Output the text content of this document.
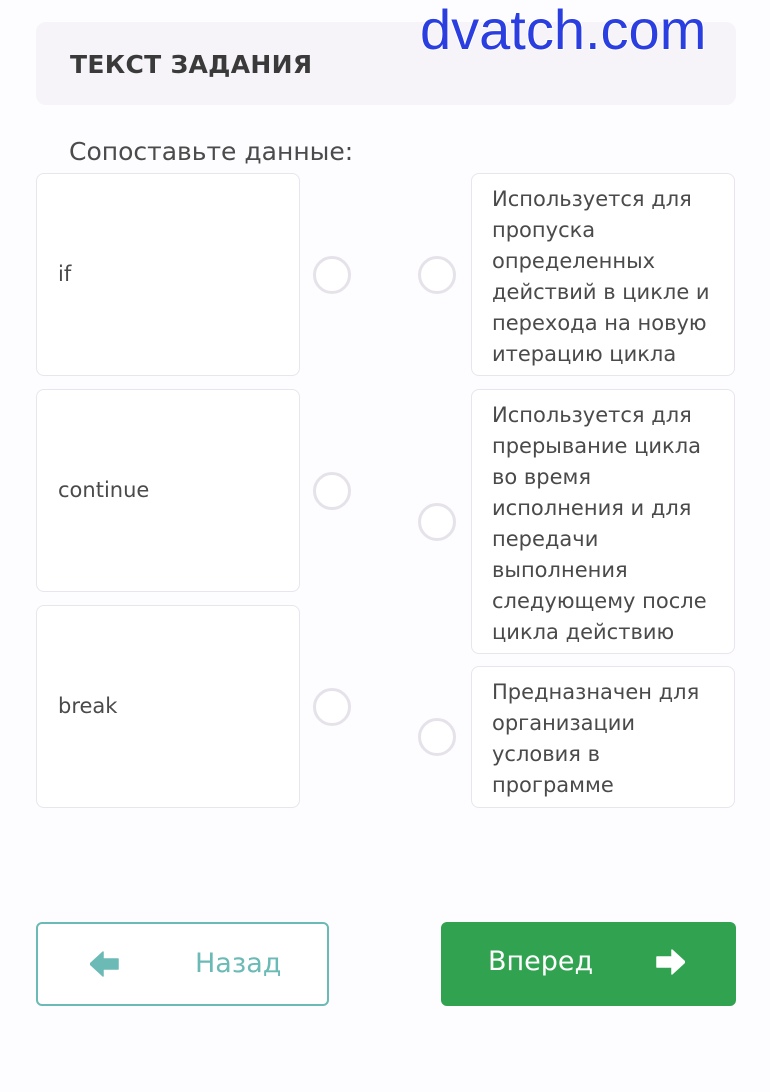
ТЕКСТ ЗАДАНИЯ
dvatch.com
Сопоставьте данные:
if
continue
break
Используется для
пропуска
определенных
действий в цикле и
перехода на новую
итерацию цикла
Используется для
прерывание цикла
во время
исполнения и для
передачи
выполнения
следующему после
цикла действию
Предназначен для
организации
условия в
программе
Назад	Вперед
